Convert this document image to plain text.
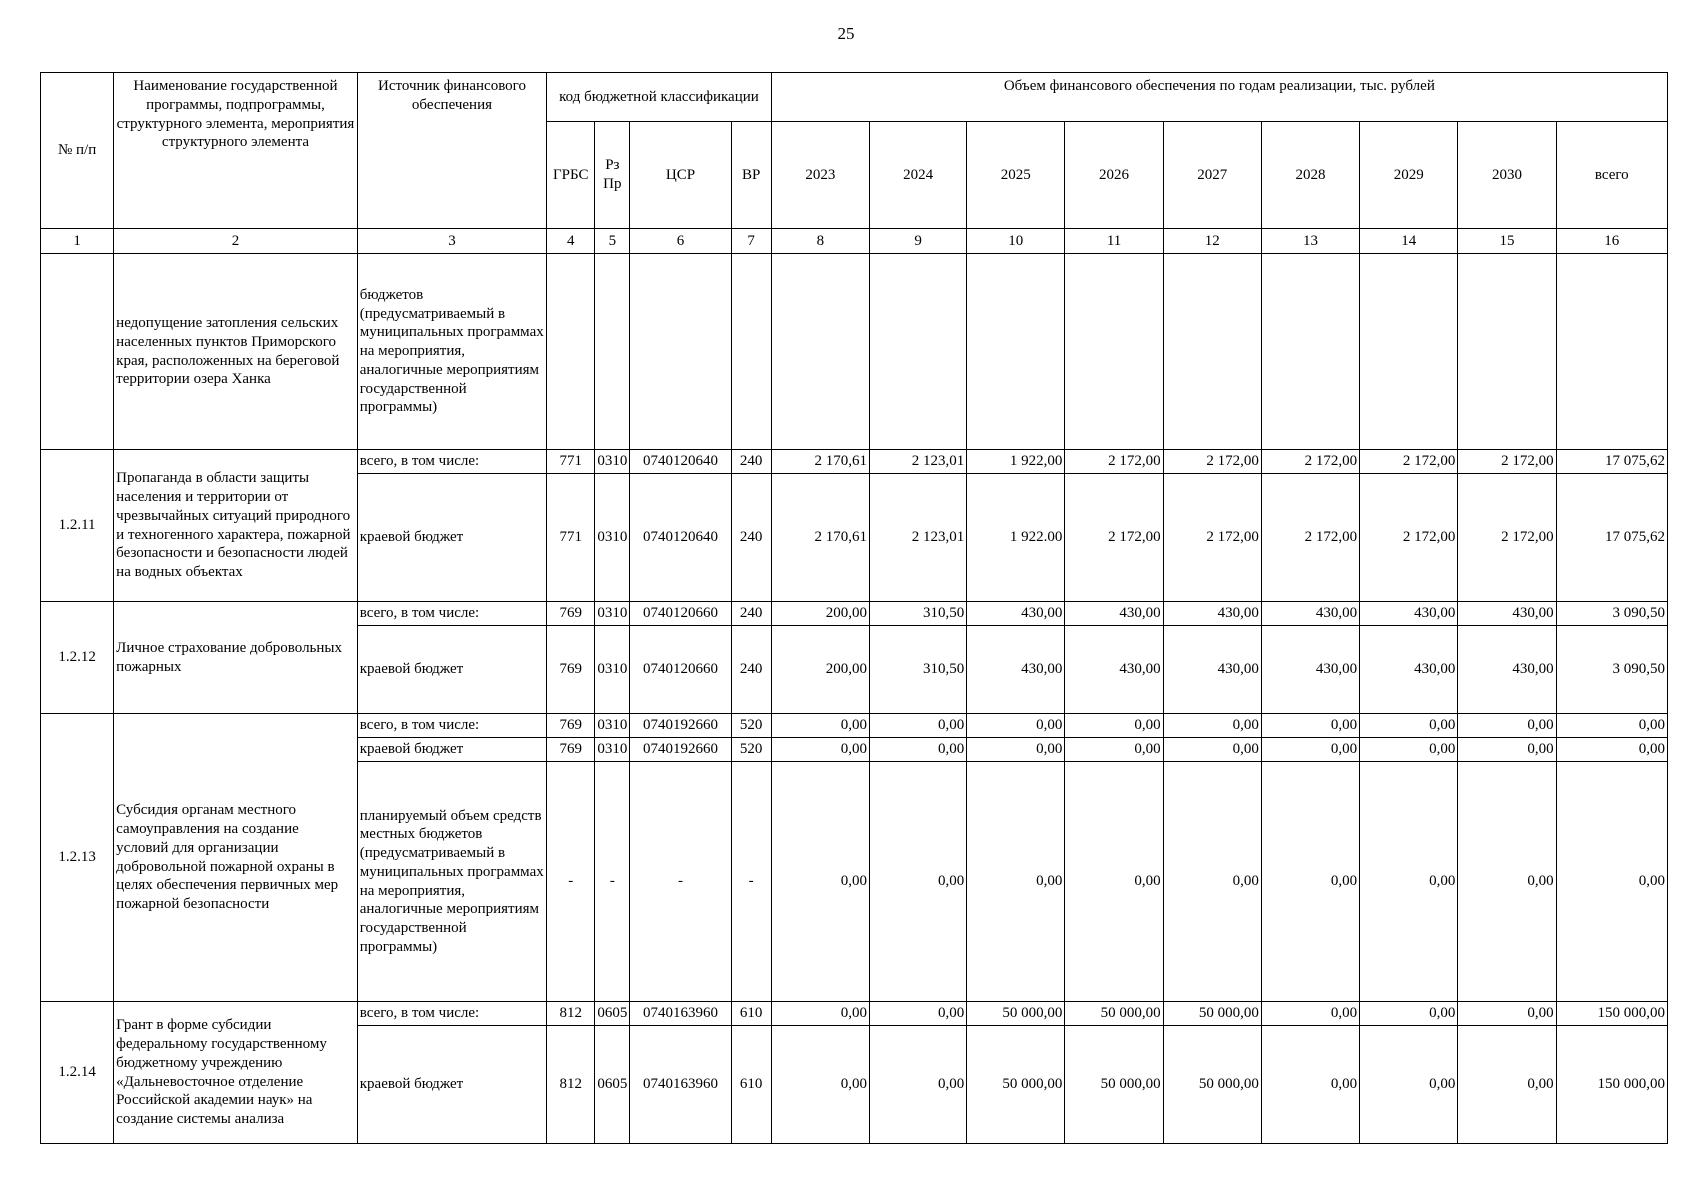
25
№ п/п	Наименование государственной программы, подпрограммы, структурного элемента, мероприятия структурного элемента	Источник финансового обеспечения	код бюджетной классификации				Объем финансового обеспечения по годам реализации, тыс. рублей								
			ГРБС	Рз Пр	ЦСР	ВР	2023	2024	2025	2026	2027	2028	2029	2030	всего
1	2	3	4	5	6	7	8	9	10	11	12	13	14	15	16
	недопущение затопления сельских населенных пунктов Приморского края, расположенных на береговой территории озера Ханка	бюджетов (предусматриваемый в муниципальных программах на мероприятия, аналогичные мероприятиям государственной программы)													
1.2.11	Пропаганда в области защиты населения и территории от чрезвычайных ситуаций природного и техногенного характера, пожарной безопасности и безопасности людей на водных объектах	всего, в том числе:	771	0310	0740120640	240	2 170,61	2 123,01	1 922,00	2 172,00	2 172,00	2 172,00	2 172,00	2 172,00	17 075,62
		краевой бюджет	771	0310	0740120640	240	2 170,61	2 123,01	1 922.00	2 172,00	2 172,00	2 172,00	2 172,00	2 172,00	17 075,62
1.2.12	Личное страхование добровольных пожарных	всего, в том числе:	769	0310	0740120660	240	200,00	310,50	430,00	430,00	430,00	430,00	430,00	430,00	3 090,50
		краевой бюджет	769	0310	0740120660	240	200,00	310,50	430,00	430,00	430,00	430,00	430,00	430,00	3 090,50
1.2.13	Субсидия органам местного самоуправления на создание условий для организации добровольной пожарной охраны в целях обеспечения первичных мер пожарной безопасности	всего, в том числе:	769	0310	0740192660	520	0,00	0,00	0,00	0,00	0,00	0,00	0,00	0,00	0,00
		краевой бюджет	769	0310	0740192660	520	0,00	0,00	0,00	0,00	0,00	0,00	0,00	0,00	0,00
		планируемый объем средств местных бюджетов (предусматриваемый в муниципальных программах на мероприятия, аналогичные мероприятиям государственной программы)	-	-	-	-	0,00	0,00	0,00	0,00	0,00	0,00	0,00	0,00	0,00
1.2.14	Грант в форме субсидии федеральному государственному бюджетному учреждению «Дальневосточное отделение Российской академии наук» на создание системы анализа	всего, в том числе:	812	0605	0740163960	610	0,00	0,00	50 000,00	50 000,00	50 000,00	0,00	0,00	0,00	150 000,00
		краевой бюджет	812	0605	0740163960	610	0,00	0,00	50 000,00	50 000,00	50 000,00	0,00	0,00	0,00	150 000,00
